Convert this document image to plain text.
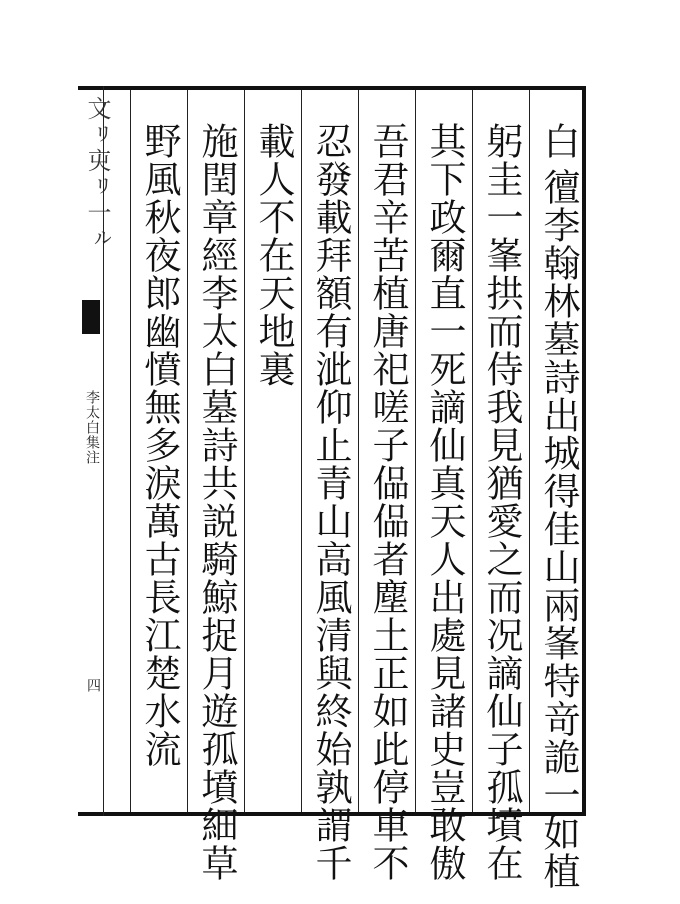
文ㇼ㐪ㇼ一ㇽ
李太白集注
四
白
㣶李翰林墓詩出城得佳山兩峯特竒詭一如植
躬圭一峯拱而侍我見猶愛之而况謫仙子孤墳在
其下政爾直一死謫仙真天人出處見諸史豈敢傲
吾君辛苦植唐祀嗟子偘偘者塵土正如此停車不
忍發載拜額有泚仰止青山高風清與終始孰謂千
載人不在天地裏
施閏章經李太白墓詩共説騎鯨捉月遊孤墳細草
野風秋夜郎幽憤無多淚萬古長江楚水流
